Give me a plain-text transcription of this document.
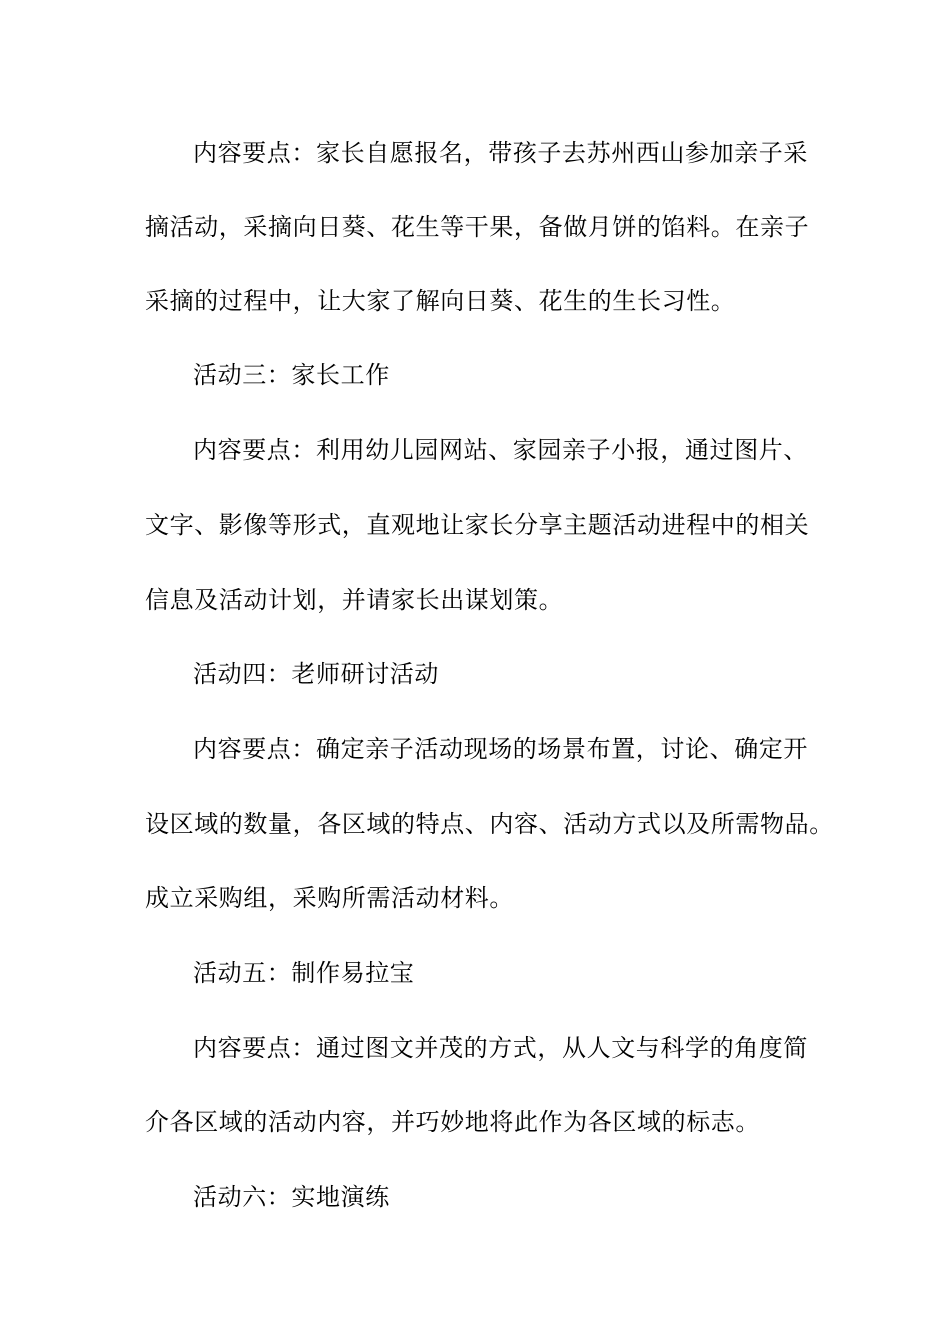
内容要点：家长自愿报名，带孩子去苏州西山参加亲子采
摘活动，采摘向日葵、花生等干果，备做月饼的馅料。在亲子
采摘的过程中，让大家了解向日葵、花生的生长习性。
活动三：家长工作
内容要点：利用幼儿园网站、家园亲子小报，通过图片、
文字、影像等形式，直观地让家长分享主题活动进程中的相关
信息及活动计划，并请家长出谋划策。
活动四：老师研讨活动
内容要点：确定亲子活动现场的场景布置，讨论、确定开
设区域的数量，各区域的特点、内容、活动方式以及所需物品。
成立采购组，采购所需活动材料。
活动五：制作易拉宝
内容要点：通过图文并茂的方式，从人文与科学的角度简
介各区域的活动内容，并巧妙地将此作为各区域的标志。
活动六：实地演练
